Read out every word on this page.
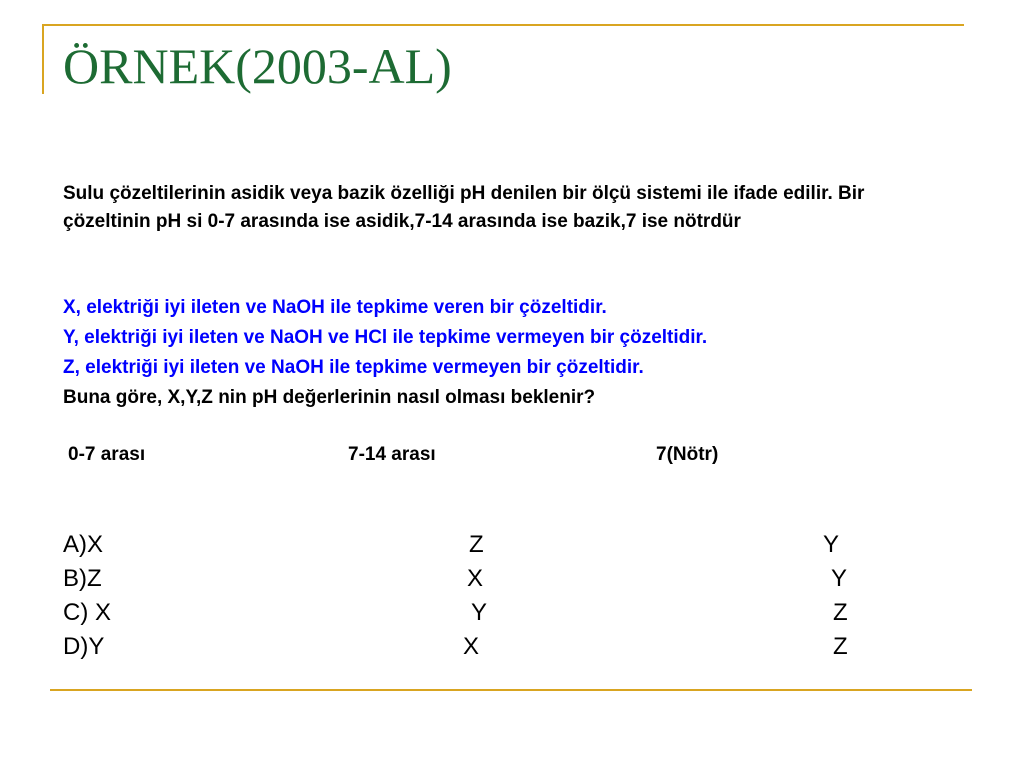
ÖRNEK(2003-AL)

Sulu çözeltilerinin asidik veya bazik özelliği pH denilen bir ölçü sistemi ile ifade edilir. Bir çözeltinin pH si 0-7 arasında ise asidik,7-14 arasında ise bazik,7 ise nötrdür

X, elektriği iyi ileten ve NaOH ile tepkime veren bir çözeltidir.

Y, elektriği iyi ileten ve NaOH ve HCl ile tepkime vermeyen bir çözeltidir.

Z, elektriği iyi ileten ve NaOH ile tepkime vermeyen bir çözeltidir.

Buna göre, X,Y,Z nin pH değerlerinin nasıl olması beklenir?

0-7 arası	7-14 arası	7(Nötr)

A)X	Z	Y

B)Z	X	Y

C) X	Y	Z

D)Y	X	Z
